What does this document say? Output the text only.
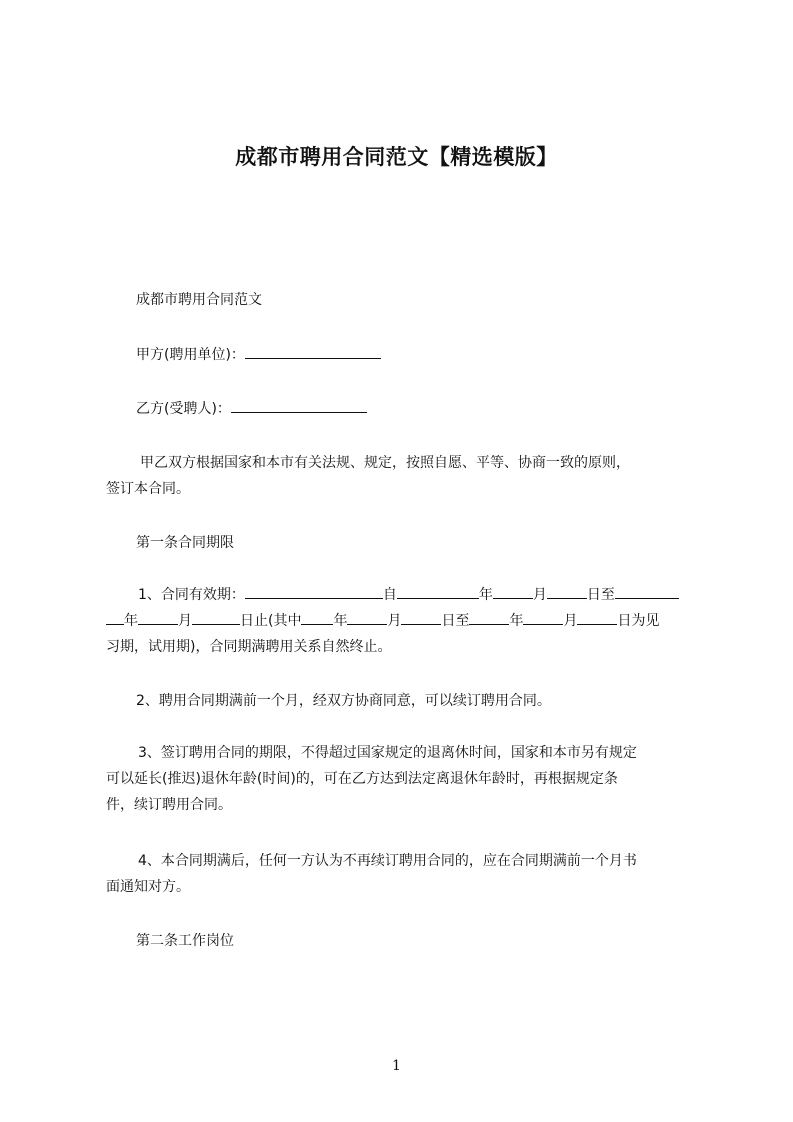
成都市聘用合同范文【精选模版】
成都市聘用合同范文
甲方(聘用单位)：
乙方(受聘人)：
甲乙双方根据国家和本市有关法规、规定，按照自愿、平等、协商一致的原则，
签订本合同。
第一条合同期限
1、合同有效期：	自	年	月	日至
年	月	日止(其中 年	月	日至	年	月	日为见
习期，试用期)，合同期满聘用关系自然终止。
2、聘用合同期满前一个月，经双方协商同意，可以续订聘用合同。
3、签订聘用合同的期限，不得超过国家规定的退离休时间，国家和本市另有规定
可以延长(推迟)退休年龄(时间)的，可在乙方达到法定离退休年龄时，再根据规定条
件，续订聘用合同。
4、本合同期满后，任何一方认为不再续订聘用合同的，应在合同期满前一个月书
面通知对方。
第二条工作岗位
1
